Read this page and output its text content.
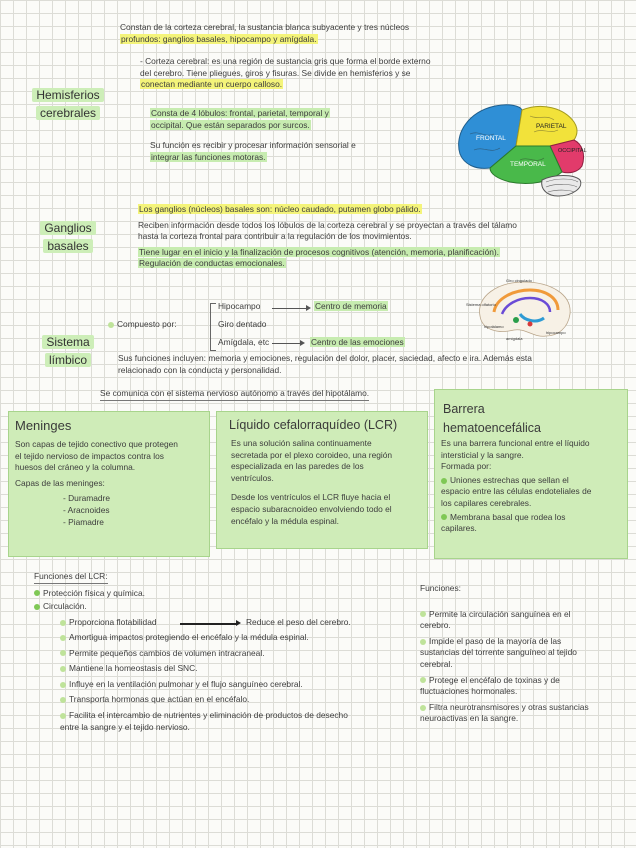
Hemisferios
cerebrales
Constan de la corteza cerebral, la sustancia blanca subyacente y tres núcleos
profundos: ganglios basales, hipocampo y amígdala.
- Corteza cerebral: es una región de sustancia gris que forma el borde externo
del cerebro. Tiene pliegues, giros y fisuras. Se divide en hemisferios y se
conectan mediante un cuerpo calloso.
Consta de 4 lóbulos: frontal, parietal, temporal y
occipital. Que están separados por surcos.
Su función es recibir y procesar información sensorial e
integrar las funciones motoras.
PARIETAL
FRONTAL
OCCIPITAL
TEMPORAL
Ganglios
basales
Los ganglios (núcleos) basales son: núcleo caudado, putamen globo pálido.
Reciben información desde todos los lóbulos de la corteza cerebral y se proyectan a través del tálamo
hasta la corteza frontal para contribuir a la regulación de los movimientos.
Tiene lugar en el inicio y la finalización de procesos cognitivos (atención, memoria, planificación).
Regulación de conductas emocionales.
Sistema
límbico
Compuesto por:
Hipocampo
Giro dentado
Amígdala, etc
Centro de memoria
Centro de las emociones
Giro cingulado
Sistema olfatorio
hipotálamo
amígdala
hipocampo
Sus funciones incluyen: memoria y emociones, regulación del dolor, placer, saciedad, afecto e ira. Además esta
relacionado con la conducta y personalidad.
Se comunica con el sistema nervioso autónomo a través del hipotálamo.
Meninges
Son capas de tejido conectivo que protegen
el tejido nervioso de impactos contra los
huesos del cráneo y la columna.
Capas de las meninges:
- Duramadre
- Aracnoides
- Piamadre
Líquido cefalorraquídeo (LCR)
Es una solución salina continuamente
secretada por el plexo coroideo, una región
especializada en las paredes de los
ventrículos.
Desde los ventrículos el LCR fluye hacia el
espacio subaracnoideo envolviendo todo el
encéfalo y la médula espinal.
Barrera
hematoencefálica
Es una barrera funcional entre el líquido
intersticial y la sangre.
Formada por:
Uniones estrechas que sellan el
espacio entre las células endoteliales de
los capilares cerebrales.
Membrana basal que rodea los
capilares.
Funciones del LCR:
Protección física y química.
Circulación.
Proporciona flotabilidad	Reduce el peso del cerebro.
Amortigua impactos protegiendo el encéfalo y la médula espinal.
Permite pequeños cambios de volumen intracraneal.
Mantiene la homeostasis del SNC.
Influye en la ventilación pulmonar y el flujo sanguíneo cerebral.
Transporta hormonas que actúan en el encéfalo.
Facilita el intercambio de nutrientes y eliminación de productos de desecho
entre la sangre y el tejido nervioso.
Funciones:
Permite la circulación sanguínea en el
cerebro.
Impide el paso de la mayoría de las
sustancias del torrente sanguíneo al tejido
cerebral.
Protege el encéfalo de toxinas y de
fluctuaciones hormonales.
Filtra neurotransmisores y otras sustancias
neuroactivas en la sangre.
